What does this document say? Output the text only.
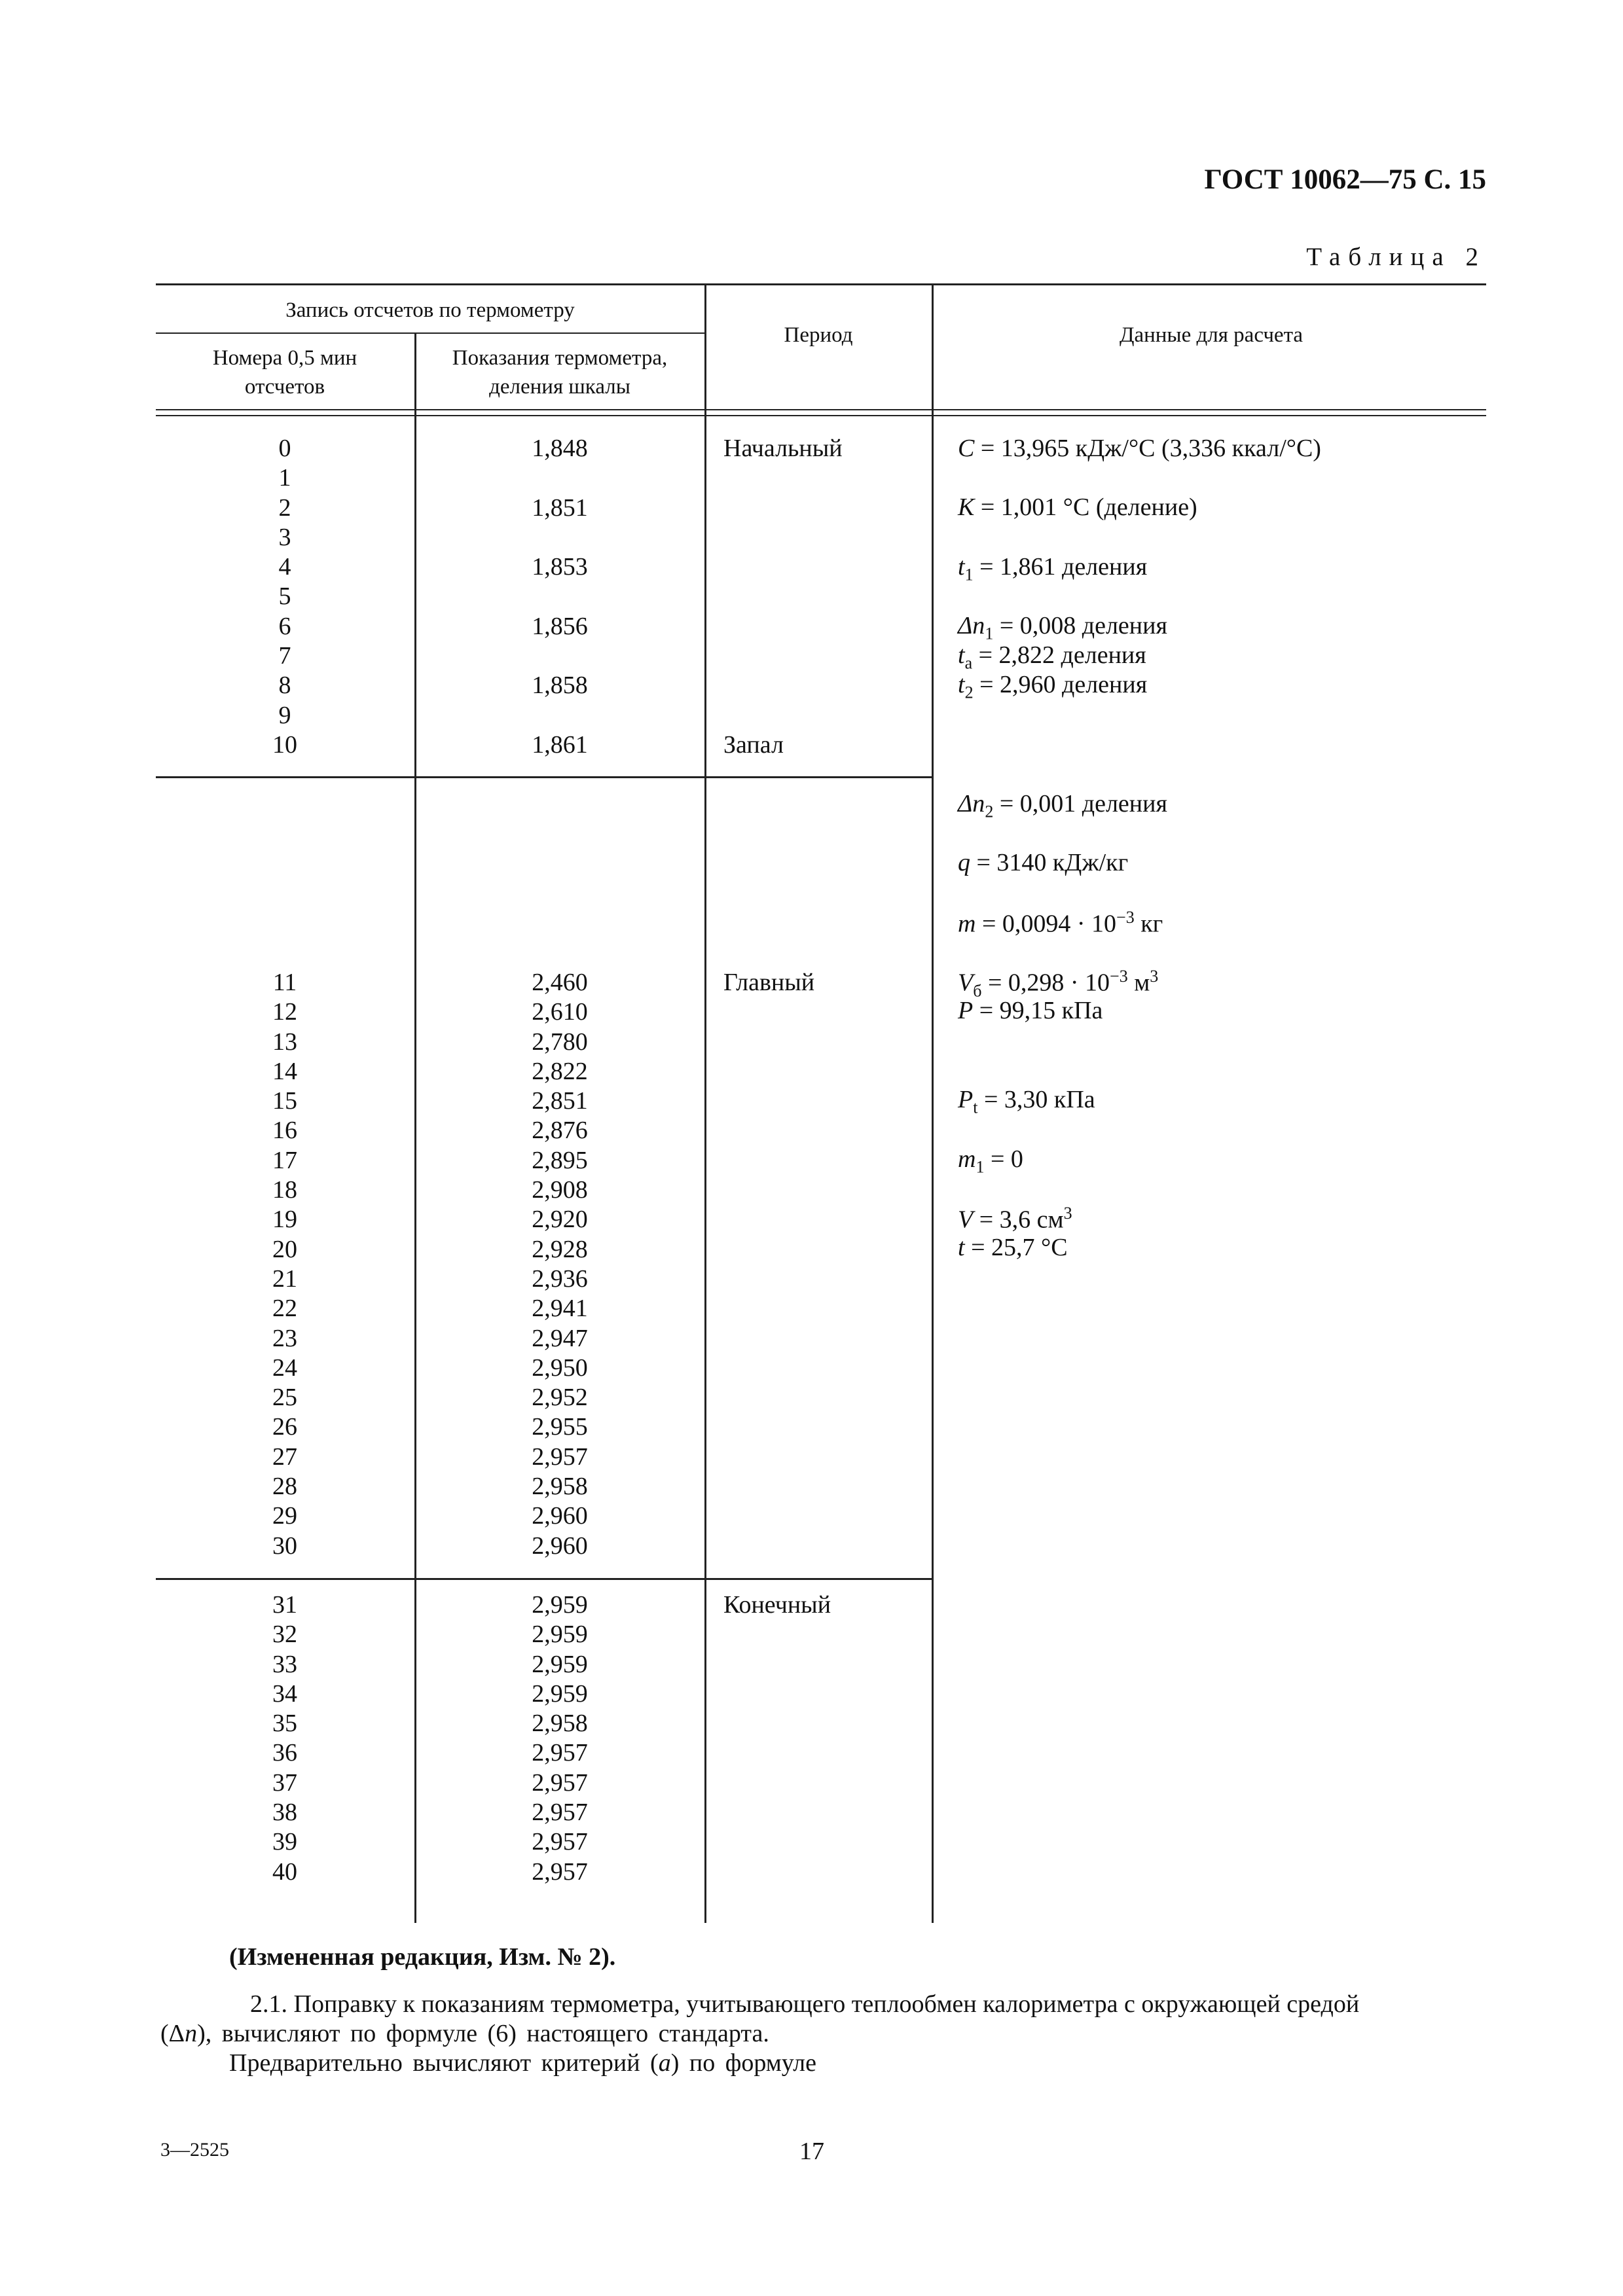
ГОСТ 10062—75 С. 15
Таблица 2
Запись отсчетов по термометру
Номера 0,5 мин отсчетов
Показания термометра, деления шкалы
Период	Данные для расчета
0
1
2
3
4
5
6
7
8
9
10
1,848
1,851
1,853
1,856
1,858
1,861
Начальный
Запал
11
12
13
14
15
16
17
18
19
20
21
22
23
24
25
26
27
28
29
30
2,460
2,610
2,780
2,822
2,851
2,876
2,895
2,908
2,920
2,928
2,936
2,941
2,947
2,950
2,952
2,955
2,957
2,958
2,960
2,960
Главный
31
32
33
34
35
36
37
38
39
40
2,959
2,959
2,959
2,959
2,958
2,957
2,957
2,957
2,957
2,957
Конечный
C = 13,965 кДж/°С (3,336 ккал/°С)
K = 1,001 °С (деление)
$t_1 = 1,861$ деления
$\Delta n_1 = 0,008$ деления
$t_a = 2,822$ деления
$t_2 = 2,960$ деления
$\Delta n_2 = 0,001$ деления
q = 3140 кДж/кг
$m = 0,0094 \cdot 10^{-3}$ кг
$V_б = 0,298 \cdot 10^{-3}$ $м^3$
P = 99,15 кПа
$P_t = 3,30$ кПа
$m_1 = 0$
V = 3,6 $см^3$
t = 25,7 °С
(Измененная редакция, Изм. № 2).
2.1. Поправку к показаниям термометра, учитывающего теплообмен калориметра с окружающей средой
(Δn), вычисляют по формуле (6) настоящего стандарта.
Предварительно вычисляют критерий (a) по формуле
3—2525	17
